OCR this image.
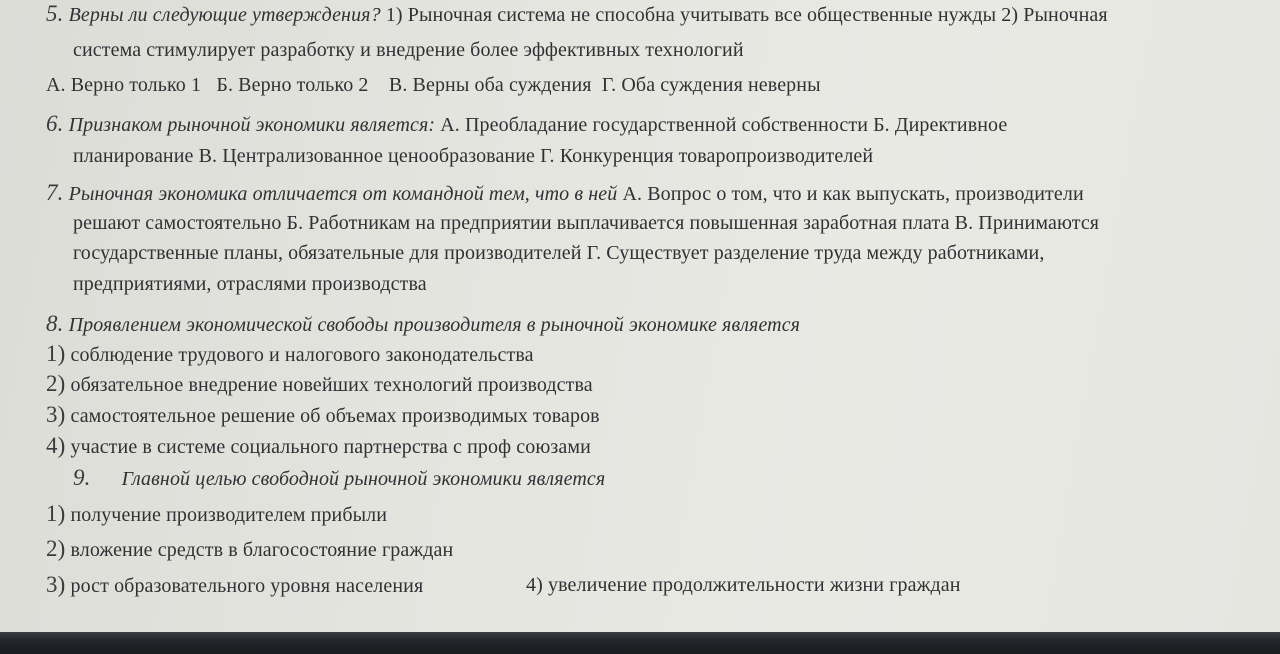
5. Верны ли следующие утверждения? 1) Рыночная система не способна учитывать все общественные нужды 2) Рыночная
система стимулирует разработку и внедрение более эффективных технологий
А. Верно только 1   Б. Верно только 2    В. Верны оба суждения  Г. Оба суждения неверны
6. Признаком рыночной экономики является: А. Преобладание государственной собственности Б. Директивное
планирование В. Централизованное ценообразование Г. Конкуренция товаропроизводителей
7. Рыночная экономика отличается от командной тем, что в ней А. Вопрос о том, что и как выпускать, производители
решают самостоятельно Б. Работникам на предприятии выплачивается повышенная заработная плата В. Принимаются
государственные планы, обязательные для производителей Г. Существует разделение труда между работниками,
предприятиями, отраслями производства
8. Проявлением экономической свободы производителя в рыночной экономике является
1) соблюдение трудового и налогового законодательства
2) обязательное внедрение новейших технологий производства
3) самостоятельное решение об объемах производимых товаров
4) участие в системе социального партнерства с проф союзами
9. Главной целью свободной рыночной экономики является
1) получение производителем прибыли
2) вложение средств в благосостояние граждан
3) рост образовательного уровня населения	4) увеличение продолжительности жизни граждан
